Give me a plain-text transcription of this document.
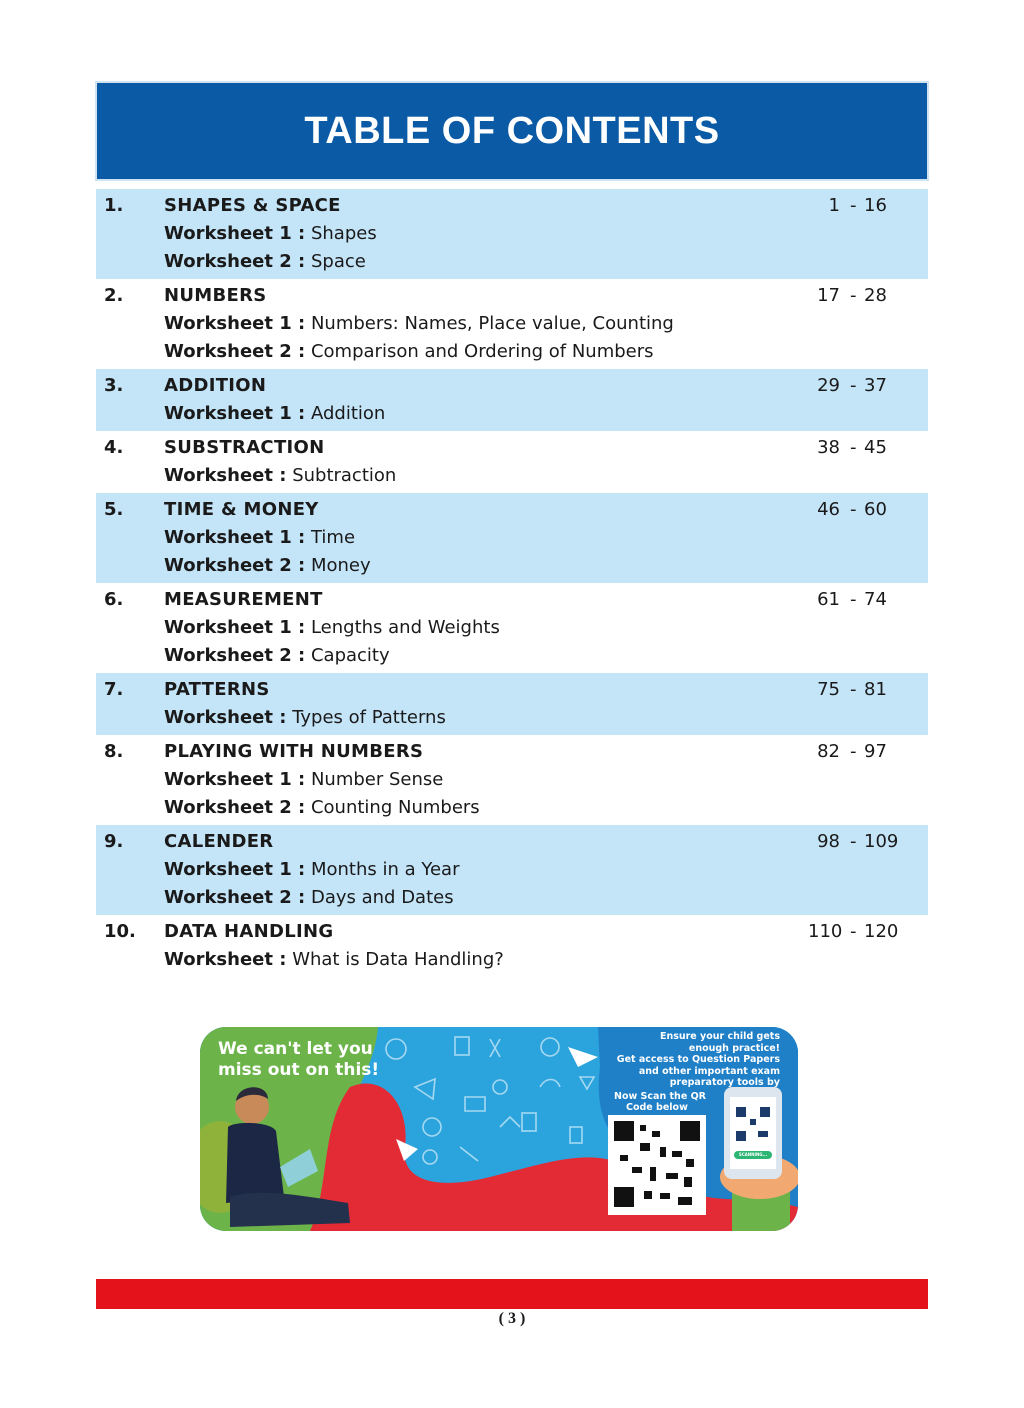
TABLE OF CONTENTS
1. SHAPES & SPACE	1 - 16
Worksheet 1 : Shapes
Worksheet 2 : Space
2. NUMBERS	17 - 28
Worksheet 1 : Numbers: Names, Place value, Counting
Worksheet 2 : Comparison and Ordering of Numbers
3. ADDITION	29 - 37
Worksheet 1 : Addition
4. SUBSTRACTION	38 - 45
Worksheet : Subtraction
5. TIME & MONEY	46 - 60
Worksheet 1 : Time
Worksheet 2 : Money
6. MEASUREMENT	61 - 74
Worksheet 1 : Lengths and Weights
Worksheet 2 : Capacity
7. PATTERNS	75 - 81
Worksheet : Types of Patterns
8. PLAYING WITH NUMBERS	82 - 97
Worksheet 1 : Number Sense
Worksheet 2 : Counting Numbers
9. CALENDER	98 - 109
Worksheet 1 : Months in a Year
Worksheet 2 : Days and Dates
10. DATA HANDLING	110 - 120
Worksheet : What is Data Handling?
We can't let you
miss out on this!
Ensure your child gets
enough practice!
Get access to Question Papers
and other important exam
preparatory tools by
Now Scan the QR
Code below
SCANNING...
( 3 )
